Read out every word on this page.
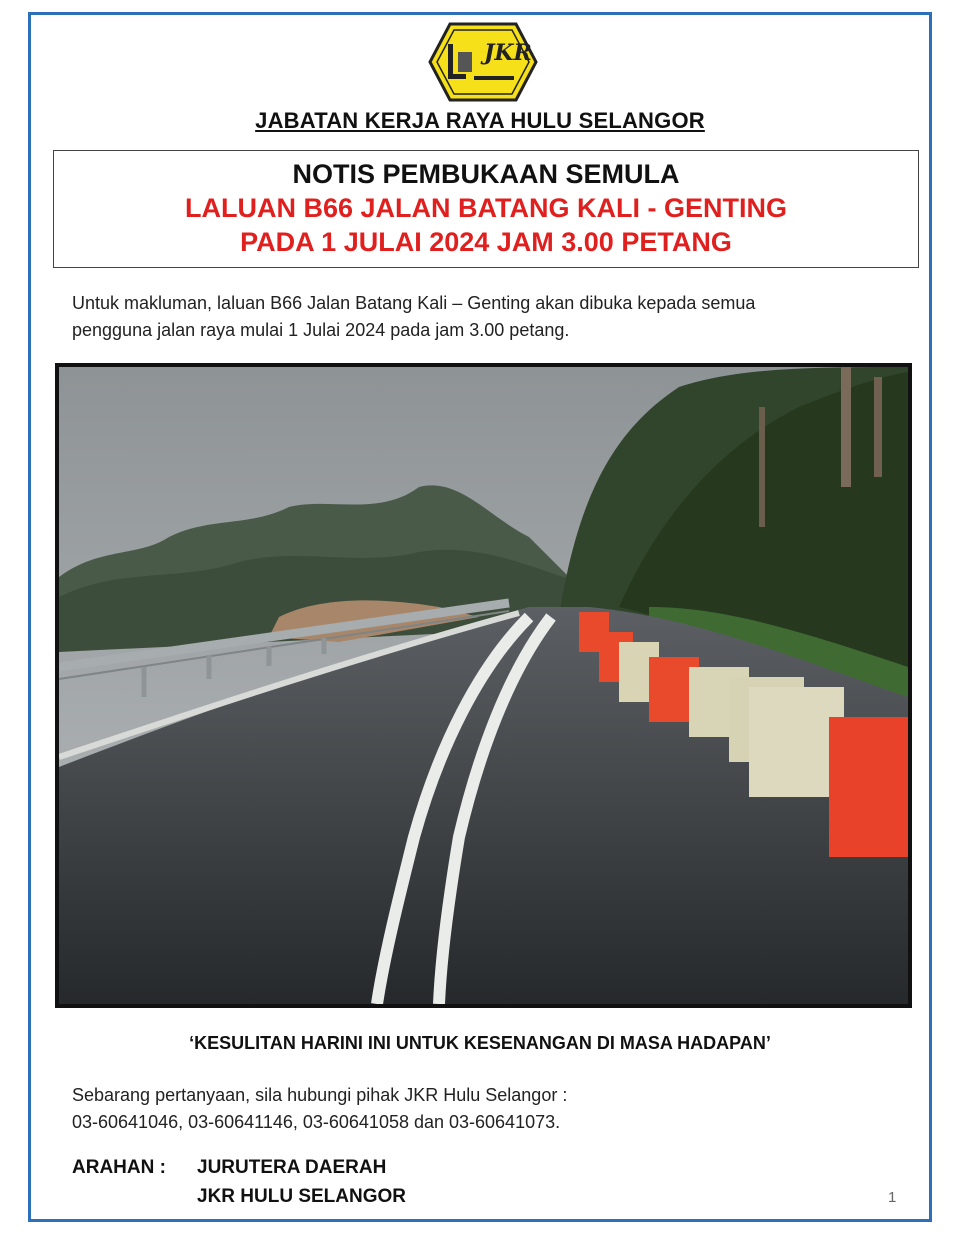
JKR
JABATAN KERJA RAYA HULU SELANGOR
NOTIS PEMBUKAAN SEMULA
LALUAN B66 JALAN BATANG KALI - GENTING
PADA 1 JULAI 2024 JAM 3.00 PETANG
Untuk makluman, laluan B66 Jalan Batang Kali – Genting akan dibuka kepada semua
pengguna jalan raya mulai 1 Julai 2024 pada jam 3.00 petang.
‘KESULITAN HARINI INI UNTUK KESENANGAN DI MASA HADAPAN’
Sebarang pertanyaan, sila hubungi pihak JKR Hulu Selangor :
03-60641046, 03-60641146, 03-60641058 dan 03-60641073.
ARAHAN : JURUTERA DAERAH
JKR HULU SELANGOR	1
